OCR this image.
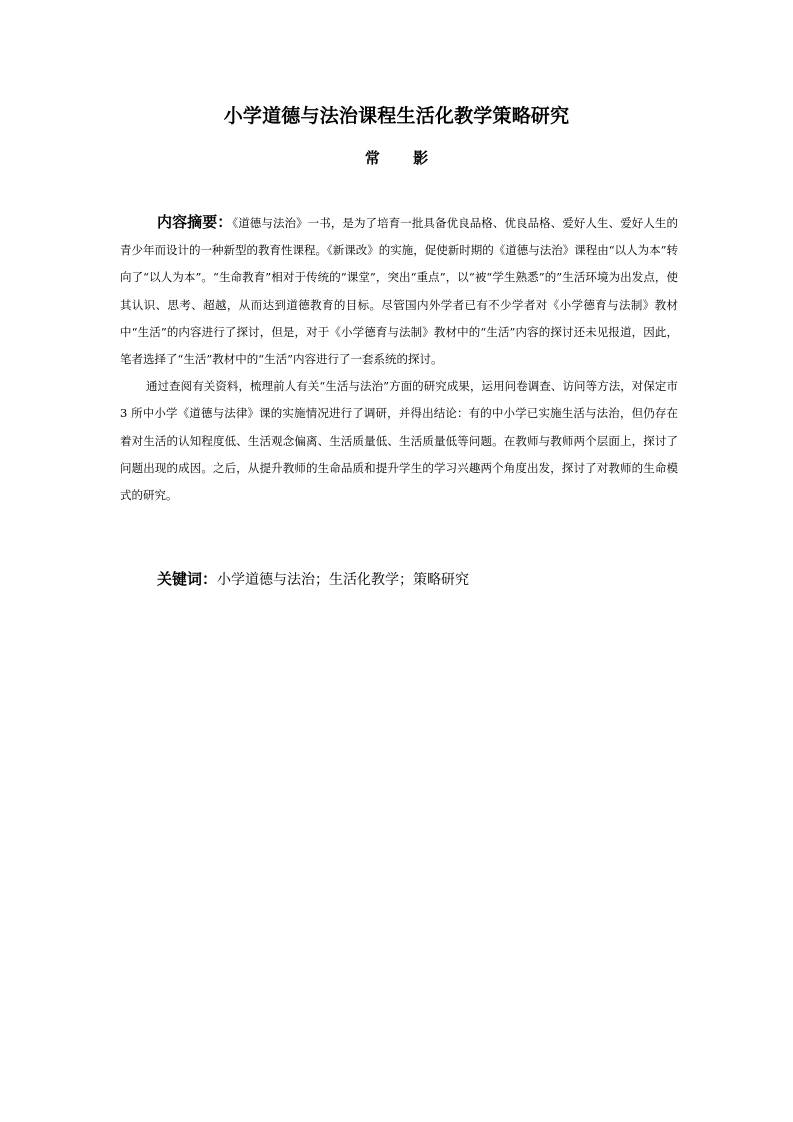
小学道德与法治课程生活化教学策略研究
常 影

内容摘要：《道德与法治》一书，是为了培育一批具备优良品格、优良品格、爱好人生、爱好人生的青少年而设计的一种新型的教育性课程。《新课改》的实施，促使新时期的《道德与法治》课程由“以人为本”转向了“以人为本”。“生命教育”相对于传统的“课堂”，突出“重点”，以“被“学生熟悉”的”生活环境为出发点，使其认识、思考、超越，从而达到道德教育的目标。尽管国内外学者已有不少学者对《小学德育与法制》教材中“生活”的内容进行了探讨，但是，对于《小学德育与法制》教材中的“生活”内容的探讨还未见报道，因此，笔者选择了“生活”教材中的“生活”内容进行了一套系统的探讨。

通过查阅有关资料，梳理前人有关“生活与法治”方面的研究成果，运用问卷调查、访问等方法，对保定市 3 所中小学《道德与法律》课的实施情况进行了调研，并得出结论：有的中小学已实施生活与法治，但仍存在着对生活的认知程度低、生活观念偏离、生活质量低、生活质量低等问题。在教师与教师两个层面上，探讨了问题出现的成因。之后，从提升教师的生命品质和提升学生的学习兴趣两个角度出发，探讨了对教师的生命模式的研究。

关键词：小学道德与法治；生活化教学；策略研究
